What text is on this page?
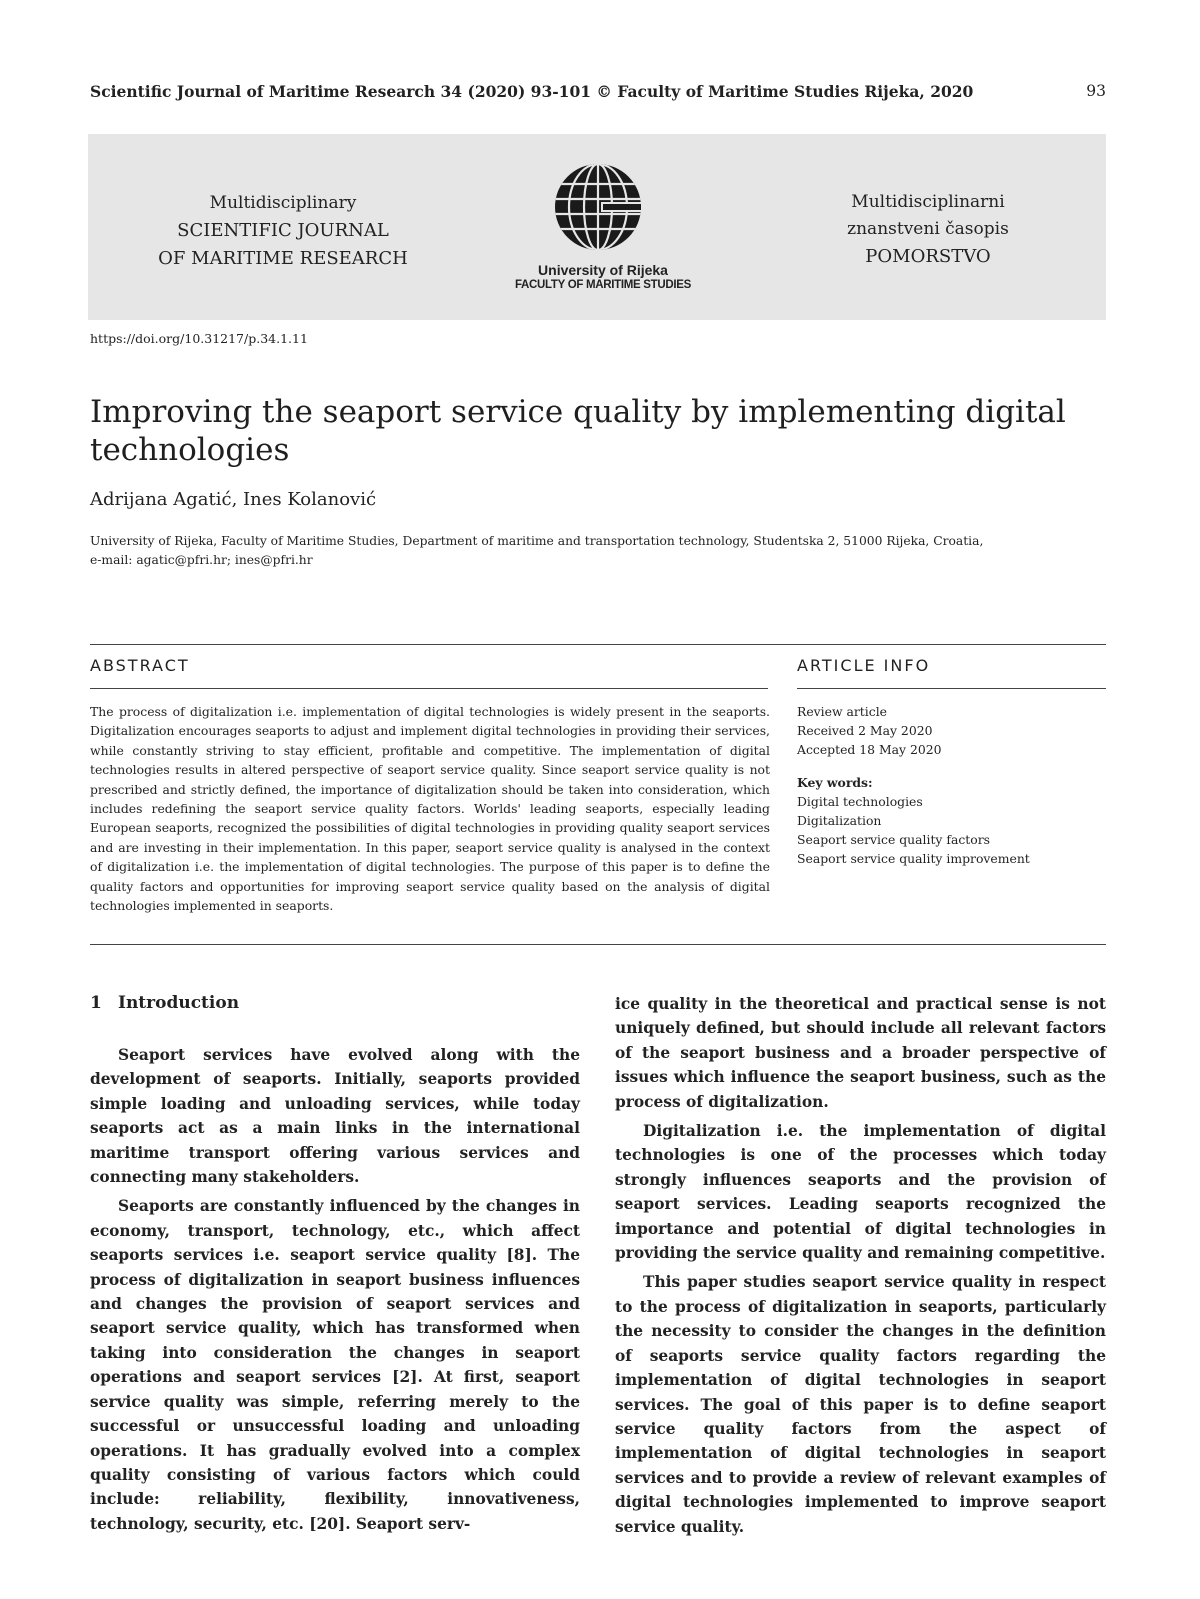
Scientific Journal of Maritime Research 34 (2020) 93-101 © Faculty of Maritime Studies Rijeka, 2020	93
Multidisciplinary
SCIENTIFIC JOURNAL
OF MARITIME RESEARCH
University of Rijeka
FACULTY OF MARITIME STUDIES
Multidisciplinarni
znanstveni časopis
POMORSTVO
https://doi.org/10.31217/p.34.1.11
Improving the seaport service quality by implementing digital technologies
Adrijana Agatić, Ines Kolanović
University of Rijeka, Faculty of Maritime Studies, Department of maritime and transportation technology, Studentska 2, 51000 Rijeka, Croatia,
e-mail: agatic@pfri.hr; ines@pfri.hr
ABSTRACT	ARTICLE INFO
The process of digitalization i.e. implementation of digital technologies is widely present in the seaports. Digitalization encourages seaports to adjust and implement digital technologies in providing their services, while constantly striving to stay efficient, profitable and competitive. The implementation of digital technologies results in altered perspective of seaport service quality. Since seaport service quality is not prescribed and strictly defined, the importance of digitalization should be taken into consideration, which includes redefining the seaport service quality factors. Worlds' leading seaports, especially leading European seaports, recognized the possibilities of digital technologies in providing quality seaport services and are investing in their implementation. In this paper, seaport service quality is analysed in the context of digitalization i.e. the implementation of digital technologies. The purpose of this paper is to define the quality factors and opportunities for improving seaport service quality based on the analysis of digital technologies implemented in seaports.
Review article
Received 2 May 2020
Accepted 18 May 2020
Key words:
Digital technologies
Digitalization
Seaport service quality factors
Seaport service quality improvement
1 Introduction

Seaport services have evolved along with the development of seaports. Initially, seaports provided simple loading and unloading services, while today seaports act as a main links in the international maritime transport offering various services and connecting many stakeholders.

Seaports are constantly influenced by the changes in economy, transport, technology, etc., which affect seaports services i.e. seaport service quality [8]. The process of digitalization in seaport business influences and changes the provision of seaport services and seaport service quality, which has transformed when taking into consideration the changes in seaport operations and seaport services [2]. At first, seaport service quality was simple, referring merely to the successful or unsuccessful loading and unloading operations. It has gradually evolved into a complex quality consisting of various factors which could include: reliability, flexibility, innovativeness, technology, security, etc. [20]. Seaport serv-

ice quality in the theoretical and practical sense is not uniquely defined, but should include all relevant factors of the seaport business and a broader perspective of issues which influence the seaport business, such as the process of digitalization.

Digitalization i.e. the implementation of digital technologies is one of the processes which today strongly influences seaports and the provision of seaport services. Leading seaports recognized the importance and potential of digital technologies in providing the service quality and remaining competitive.

This paper studies seaport service quality in respect to the process of digitalization in seaports, particularly the necessity to consider the changes in the definition of seaports service quality factors regarding the implementation of digital technologies in seaport services. The goal of this paper is to define seaport service quality factors from the aspect of implementation of digital technologies in seaport services and to provide a review of relevant examples of digital technologies implemented to improve seaport service quality.
